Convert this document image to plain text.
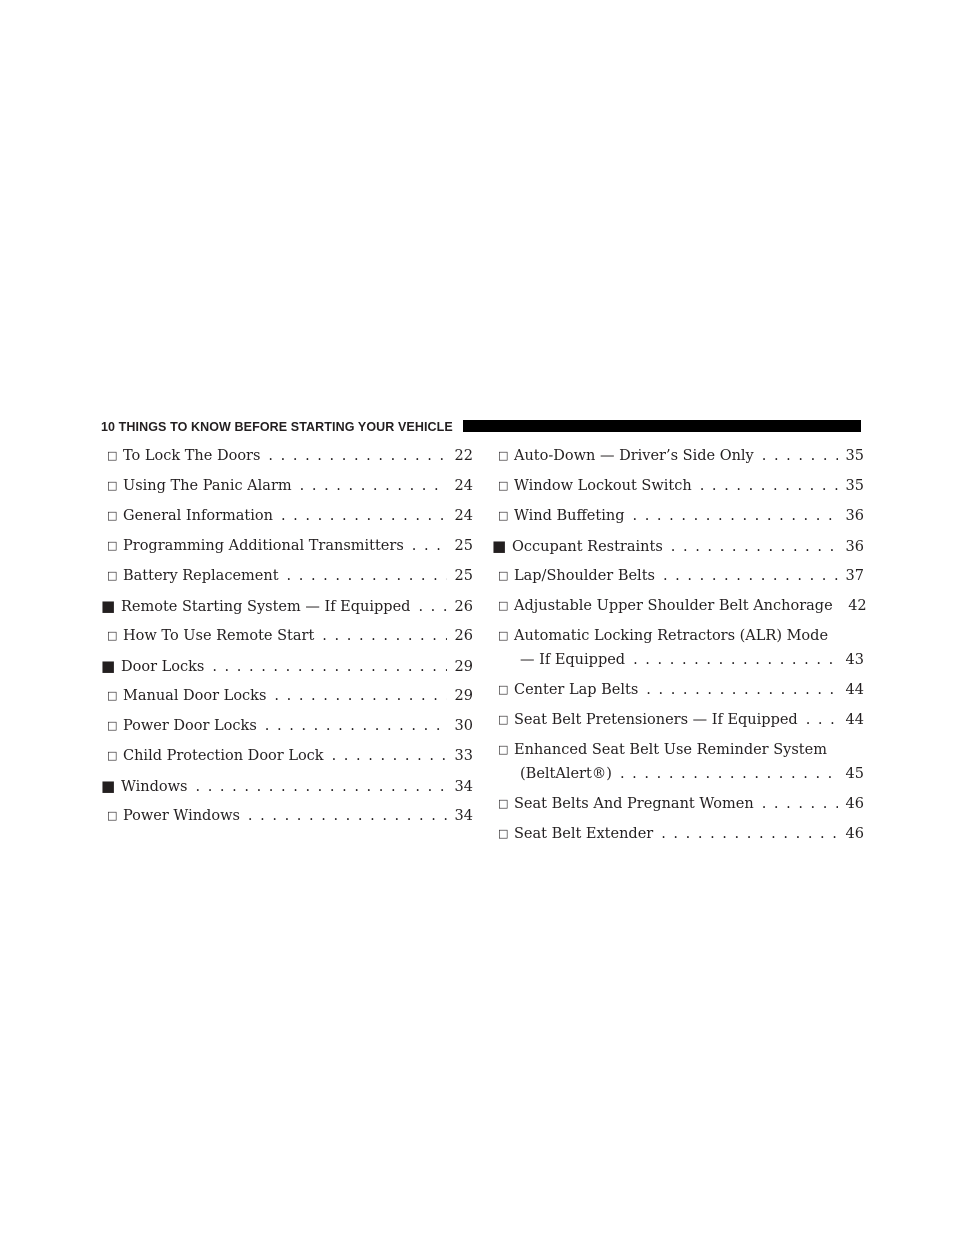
10 THINGS TO KNOW BEFORE STARTING YOUR VEHICLE
□ To Lock The Doors . . .	22
□ Using The Panic Alarm . . .	24
□ General Information . . .	24
□ Programming Additional Transmitters . . .	25
□ Battery Replacement . . .	25
■ Remote Starting System — If Equipped . . .	26
□ How To Use Remote Start . . .	26
■ Door Locks . . .	29
□ Manual Door Locks . . .	29
□ Power Door Locks . . .	30
□ Child Protection Door Lock . . .	33
■ Windows . . .	34
□ Power Windows . . .	34
□ Auto-Down — Driver’s Side Only . . .	35
□ Window Lockout Switch . . .	35
□ Wind Buffeting . . .	36
■ Occupant Restraints . . .	36
□ Lap/Shoulder Belts . . .	37
□ Adjustable Upper Shoulder Belt Anchorage 42
□ Automatic Locking Retractors (ALR) Mode
— If Equipped . . .	43
□ Center Lap Belts . . .	44
□ Seat Belt Pretensioners — If Equipped . . .	44
□ Enhanced Seat Belt Use Reminder System
(BeltAlert®) . . .	45
□ Seat Belts And Pregnant Women . . .	46
□ Seat Belt Extender . . .	46
